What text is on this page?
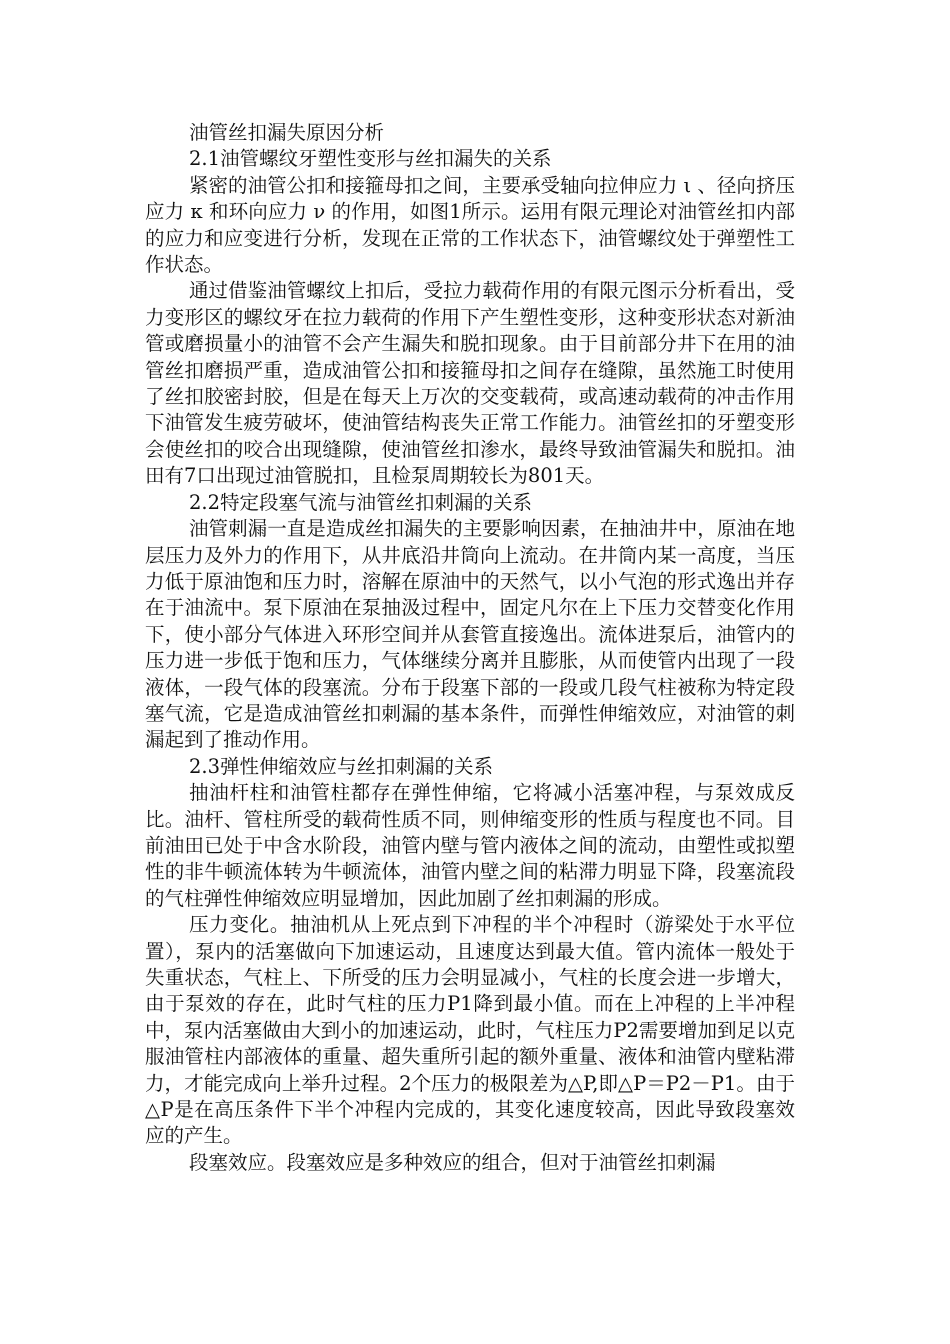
油管丝扣漏失原因分析

2.1油管螺纹牙塑性变形与丝扣漏失的关系

紧密的油管公扣和接箍母扣之间，主要承受轴向拉伸应力 ι 、径向挤压应力 κ 和环向应力 ν 的作用，如图1所示。运用有限元理论对油管丝扣内部的应力和应变进行分析，发现在正常的工作状态下，油管螺纹处于弹塑性工作状态。

通过借鉴油管螺纹上扣后，受拉力载荷作用的有限元图示分析看出，受力变形区的螺纹牙在拉力载荷的作用下产生塑性变形，这种变形状态对新油管或磨损量小的油管不会产生漏失和脱扣现象。由于目前部分井下在用的油管丝扣磨损严重，造成油管公扣和接箍母扣之间存在缝隙，虽然施工时使用了丝扣胶密封胶，但是在每天上万次的交变载荷，或高速动载荷的冲击作用下油管发生疲劳破坏，使油管结构丧失正常工作能力。油管丝扣的牙塑变形会使丝扣的咬合出现缝隙，使油管丝扣渗水，最终导致油管漏失和脱扣。油田有7口出现过油管脱扣，且检泵周期较长为801天。

2.2特定段塞气流与油管丝扣刺漏的关系

油管刺漏一直是造成丝扣漏失的主要影响因素，在抽油井中，原油在地层压力及外力的作用下，从井底沿井筒向上流动。在井筒内某一高度，当压力低于原油饱和压力时，溶解在原油中的天然气，以小气泡的形式逸出并存在于油流中。泵下原油在泵抽汲过程中，固定凡尔在上下压力交替变化作用下，使小部分气体进入环形空间并从套管直接逸出。流体进泵后，油管内的压力进一步低于饱和压力，气体继续分离并且膨胀，从而使管内出现了一段液体，一段气体的段塞流。分布于段塞下部的一段或几段气柱被称为特定段塞气流，它是造成油管丝扣刺漏的基本条件，而弹性伸缩效应，对油管的刺漏起到了推动作用。

2.3弹性伸缩效应与丝扣刺漏的关系

抽油杆柱和油管柱都存在弹性伸缩，它将减小活塞冲程，与泵效成反比。油杆、管柱所受的载荷性质不同，则伸缩变形的性质与程度也不同。目前油田已处于中含水阶段，油管内壁与管内液体之间的流动，由塑性或拟塑性的非牛顿流体转为牛顿流体，油管内壁之间的粘滞力明显下降，段塞流段的气柱弹性伸缩效应明显增加，因此加剧了丝扣刺漏的形成。

压力变化。抽油机从上死点到下冲程的半个冲程时（游梁处于水平位置），泵内的活塞做向下加速运动，且速度达到最大值。管内流体一般处于失重状态，气柱上、下所受的压力会明显减小，气柱的长度会进一步增大，由于泵效的存在，此时气柱的压力P1降到最小值。而在上冲程的上半冲程中，泵内活塞做由大到小的加速运动，此时，气柱压力P2需要增加到足以克服油管柱内部液体的重量、超失重所引起的额外重量、液体和油管内壁粘滞力，才能完成向上举升过程。2个压力的极限差为△P,即△P＝P2－P1。由于△P是在高压条件下半个冲程内完成的，其变化速度较高，因此导致段塞效应的产生。

段塞效应。段塞效应是多种效应的组合，但对于油管丝扣刺漏
